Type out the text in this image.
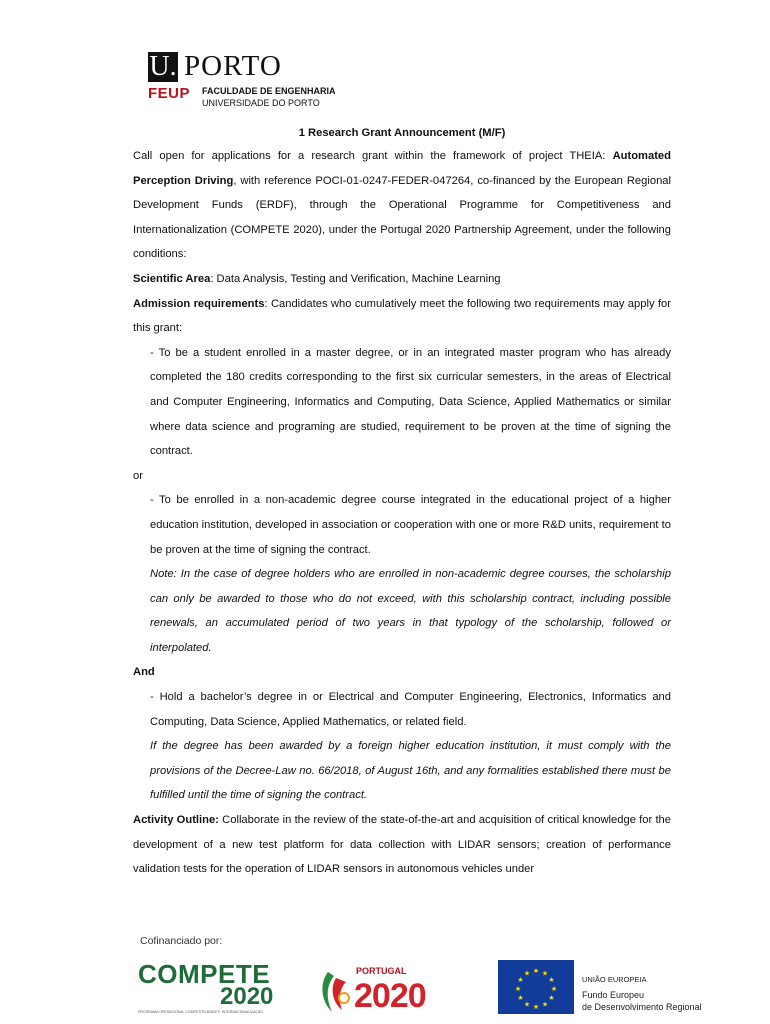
U. PORTO
FEUP FACULDADE DE ENGENHARIA
UNIVERSIDADE DO PORTO

1 Research Grant Announcement (M/F)

Call open for applications for a research grant within the framework of project THEIA: Automated Perception Driving, with reference POCI-01-0247-FEDER-047264, co-financed by the European Regional Development Funds (ERDF), through the Operational Programme for Competitiveness and Internationalization (COMPETE 2020), under the Portugal 2020 Partnership Agreement, under the following conditions:

Scientific Area: Data Analysis, Testing and Verification, Machine Learning

Admission requirements: Candidates who cumulatively meet the following two requirements may apply for this grant:

- To be a student enrolled in a master degree, or in an integrated master program who has already completed the 180 credits corresponding to the first six curricular semesters, in the areas of Electrical and Computer Engineering, Informatics and Computing, Data Science, Applied Mathematics or similar where data science and programing are studied, requirement to be proven at the time of signing the contract.

or

- To be enrolled in a non-academic degree course integrated in the educational project of a higher education institution, developed in association or cooperation with one or more R&D units, requirement to be proven at the time of signing the contract.

Note: In the case of degree holders who are enrolled in non-academic degree courses, the scholarship can only be awarded to those who do not exceed, with this scholarship contract, including possible renewals, an accumulated period of two years in that typology of the scholarship, followed or interpolated.

And

- Hold a bachelor’s degree in or Electrical and Computer Engineering, Electronics, Informatics and Computing, Data Science, Applied Mathematics, or related field.

If the degree has been awarded by a foreign higher education institution, it must comply with the provisions of the Decree-Law no. 66/2018, of August 16th, and any formalities established there must be fulfilled until the time of signing the contract.

Activity Outline: Collaborate in the review of the state-of-the-art and acquisition of critical knowledge for the development of a new test platform for data collection with LIDAR sensors; creation of performance validation tests for the operation of LIDAR sensors in autonomous vehicles under

Cofinanciado por:
COMPETE
2020
PROGRAMA OPERACIONAL COMPETITIVIDADE E INTERNACIONALIZAÇÃO
PORTUGAL
2020
★ ★
★
★
★
★
★
★
★
★
★
★
UNIÃO EUROPEIA
Fundo Europeu
de Desenvolvimento Regional
